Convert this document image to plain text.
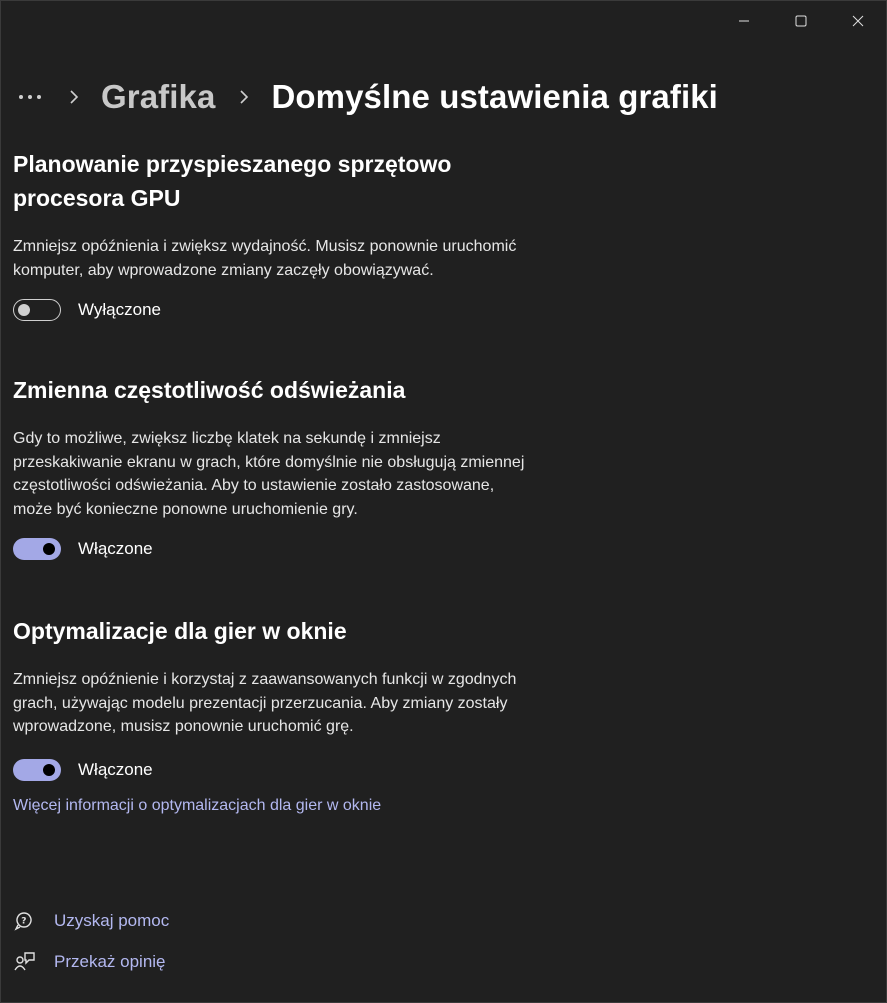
Grafika Domyślne ustawienia grafiki
Planowanie przyspieszanego sprzętowo
procesora GPU

Zmniejsz opóźnienia i zwiększ wydajność. Musisz ponownie uruchomić
komputer, aby wprowadzone zmiany zaczęły obowiązywać.

Wyłączone
Zmienna częstotliwość odświeżania

Gdy to możliwe, zwiększ liczbę klatek na sekundę i zmniejsz
przeskakiwanie ekranu w grach, które domyślnie nie obsługują zmiennej
częstotliwości odświeżania. Aby to ustawienie zostało zastosowane,
może być konieczne ponowne uruchomienie gry.

Włączone
Optymalizacje dla gier w oknie

Zmniejsz opóźnienie i korzystaj z zaawansowanych funkcji w zgodnych
grach, używając modelu prezentacji przerzucania. Aby zmiany zostały
wprowadzone, musisz ponownie uruchomić grę.

Włączone
Więcej informacji o optymalizacjach dla gier w oknie
? Uzyskaj pomoc
Przekaż opinię
